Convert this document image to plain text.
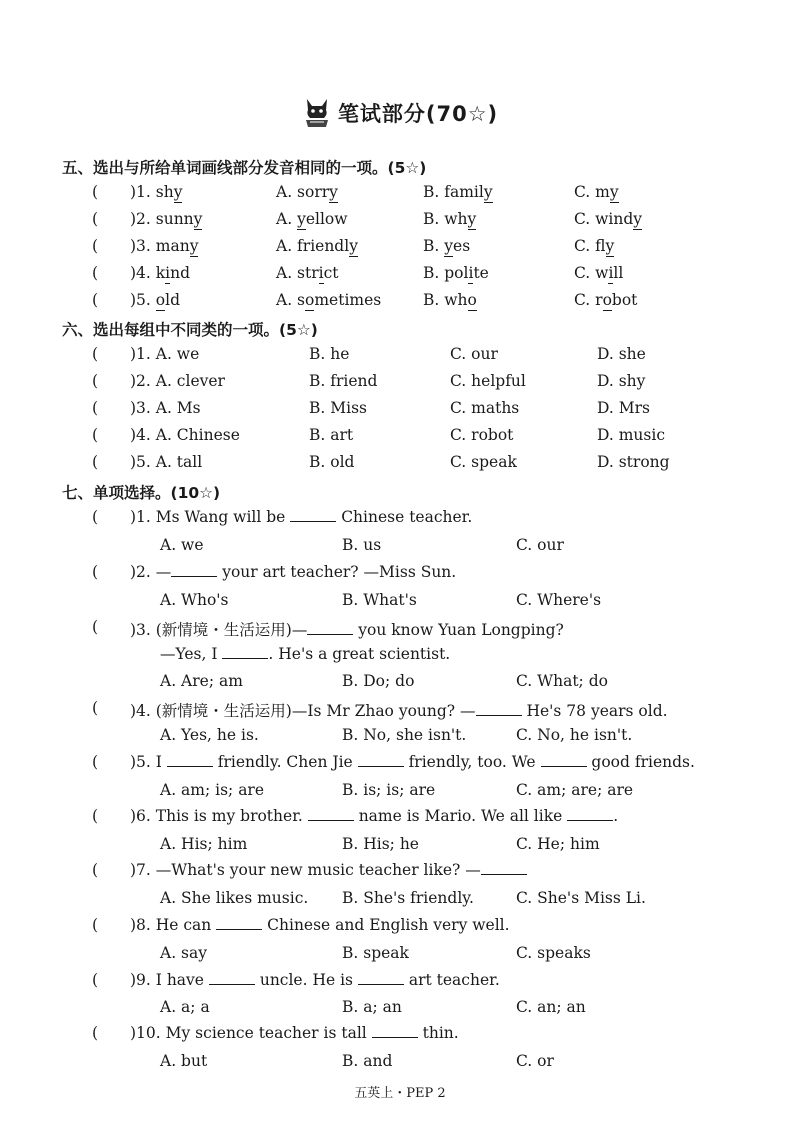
笔试部分(70☆)
五、选出与所给单词画线部分发音相同的一项。(5☆)
( )1. shy	A. sorry	B. family	C. my
( )2. sunny	A. yellow	B. why	C. windy
( )3. many	A. friendly	B. yes	C. fly
( )4. kind	A. strict	B. polite	C. will
( )5. old	A. sometimes	B. who	C. robot
六、选出每组中不同类的一项。(5☆)
( )1. A. we	B. he	C. our	D. she
( )2. A. clever	B. friend	C. helpful	D. shy
( )3. A. Ms	B. Miss	C. maths	D. Mrs
( )4. A. Chinese	B. art	C. robot	D. music
( )5. A. tall	B. old	C. speak	D. strong
七、单项选择。(10☆)
( )1. Ms Wang will be	Chinese teacher.
A. we	B. us	C. our
( )2. —	your art teacher? —Miss Sun.
A. Who's	B. What's	C. Where's
( )3. (新情境・生活运用)—	you know Yuan Longping?
—Yes, I	. He's a great scientist.
A. Are; am	B. Do; do	C. What; do
( )4. (新情境・生活运用)—Is Mr Zhao young? —	He's 78 years old.
A. Yes, he is.	B. No, she isn't.	C. No, he isn't.
( )5. I	friendly. Chen Jie	friendly, too. We	good friends.
A. am; is; are	B. is; is; are	C. am; are; are
( )6. This is my brother.	name is Mario. We all like	.
A. His; him	B. His; he	C. He; him
( )7. —What's your new music teacher like? —
A. She likes music. B. She's friendly.	C. She's Miss Li.
( )8. He can	Chinese and English very well.
A. say	B. speak	C. speaks
( )9. I have	uncle. He is	art teacher.
A. a; a	B. a; an	C. an; an
( )10. My science teacher is tall	thin.
A. but	B. and	C. or
五英上・PEP 2
